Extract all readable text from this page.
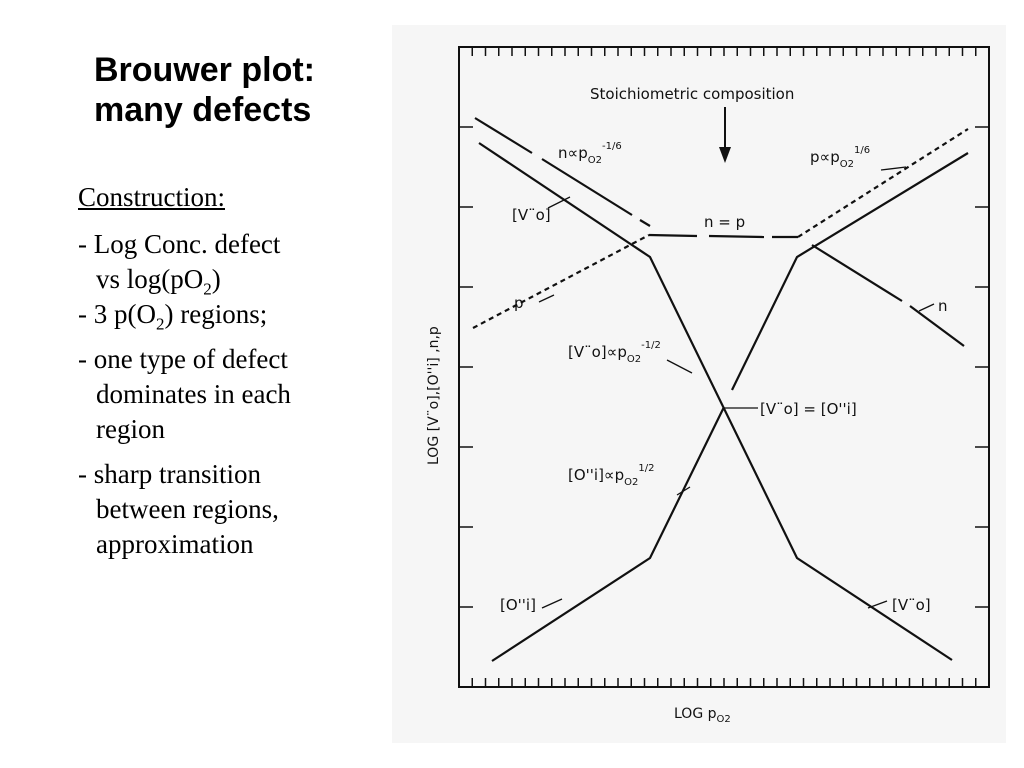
Brouwer plot:
many defects
Construction:
- Log Conc. defect
vs $\log(pO_2)$
- 3 $p(O_2)$ regions;
- one type of defect
dominates in each
region
- sharp transition
between regions,
approximation
Stoichiometric composition
$n\propto p_{O2}^{-1/6}$
$p\propto p_{O2}^{1/6}$
n = p
p	n
[V¨o]
$[V¨o]\propto p_{O2}^{-1/2}$
[V¨o] = [O''i]
$[O''i]\propto p_{O2}^{1/2}$
[O''i]	[V¨o]
LOG $p_{O2}$
LOG [V¨o],[O''i] ,n,p
